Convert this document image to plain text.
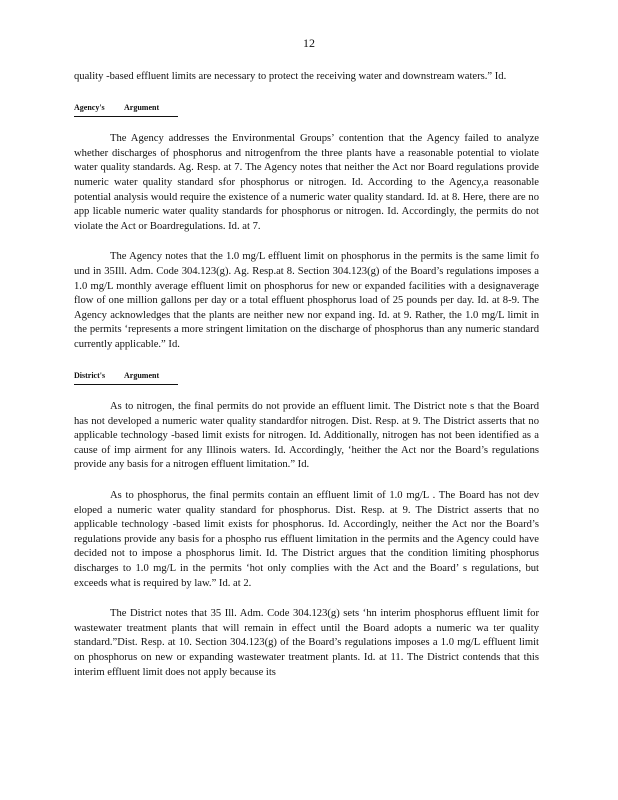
12

quality -based effluent limits are necessary to protect the receiving water and downstream waters.” Id.

Agency's Argument

The Agency addresses the Environmental Groups’ contention that the Agency failed to analyze whether discharges of phosphorus and nitrogenfrom the three plants have a reasonable potential to violate water quality standards. Ag. Resp. at 7. The Agency notes that neither the Act nor Board regulations provide numeric water quality standard sfor phosphorus or nitrogen. Id. According to the Agency,a reasonable potential analysis would require the existence of a numeric water quality standard. Id. at 8. Here, there are no app licable numeric water quality standards for phosphorus or nitrogen. Id. Accordingly, the permits do not violate the Act or Boardregulations. Id. at 7.

The Agency notes that the 1.0 mg/L effluent limit on phosphorus in the permits is the same limit fo und in 35Ill. Adm. Code 304.123(g). Ag. Resp.at 8. Section 304.123(g) of the Board’s regulations imposes a 1.0 mg/L monthly average effluent limit on phosphorus for new or expanded facilities with a designaverage flow of one million gallons per day or a total effluent phosphorus load of 25 pounds per day. Id. at 8-9. The Agency acknowledges that the plants are neither new nor expand ing. Id. at 9. Rather, the 1.0 mg/L limit in the permits ‘represents a more stringent limitation on the discharge of phosphorus than any numeric standard currently applicable.” Id.

District's Argument

As to nitrogen, the final permits do not provide an effluent limit. The District note s that the Board has not developed a numeric water quality standardfor nitrogen. Dist. Resp. at 9. The District asserts that no applicable technology -based limit exists for nitrogen. Id. Additionally, nitrogen has not been identified as a cause of imp airment for any Illinois waters. Id. Accordingly, ‘heither the Act nor the Board’s regulations provide any basis for a nitrogen effluent limitation.” Id.

As to phosphorus, the final permits contain an effluent limit of 1.0 mg/L . The Board has not dev eloped a numeric water quality standard for phosphorus. Dist. Resp. at 9. The District asserts that no applicable technology -based limit exists for phosphorus. Id. Accordingly, neither the Act nor the Board’s regulations provide any basis for a phospho rus effluent limitation in the permits and the Agency could have decided not to impose a phosphorus limit. Id. The District argues that the condition limiting phosphorus discharges to 1.0 mg/L in the permits ‘hot only complies with the Act and the Board’ s regulations, but exceeds what is required by law.” Id. at 2.

The District notes that 35 Ill. Adm. Code 304.123(g) sets ‘hn interim phosphorus effluent limit for wastewater treatment plants that will remain in effect until the Board adopts a numeric wa ter quality standard.”Dist. Resp. at 10. Section 304.123(g) of the Board’s regulations imposes a 1.0 mg/L effluent limit on phosphorus on new or expanding wastewater treatment plants. Id. at 11. The District contends that this interim effluent limit does not apply because its
